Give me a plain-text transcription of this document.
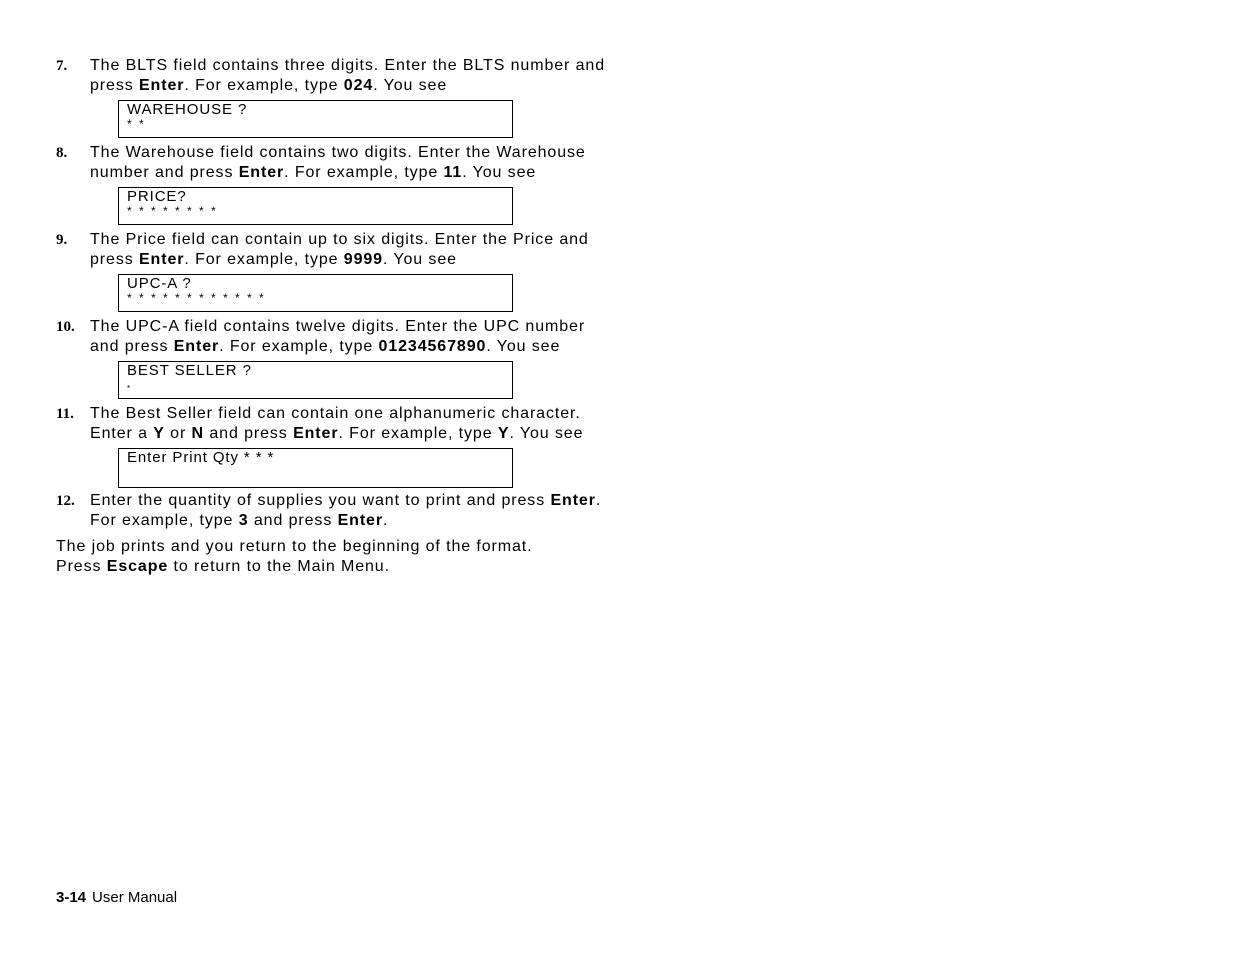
7. The BLTS field contains three digits. Enter the BLTS number and
press Enter. For example, type 024. You see
WAREHOUSE ?
* *
8. The Warehouse field contains two digits. Enter the Warehouse
number and press Enter. For example, type 11. You see
PRICE?
* * * * * * * *
9. The Price field can contain up to six digits. Enter the Price and
press Enter. For example, type 9999. You see
UPC-A ?
* * * * * * * * * * * *
10. The UPC-A field contains twelve digits. Enter the UPC number
and press Enter. For example, type 01234567890. You see
BEST SELLER ?
*
11. The Best Seller field can contain one alphanumeric character.
Enter a Y or N and press Enter. For example, type Y. You see
Enter Print Qty * * *
12. Enter the quantity of supplies you want to print and press Enter.
For example, type 3 and press Enter.
The job prints and you return to the beginning of the format.
Press Escape to return to the Main Menu.
3-14 User Manual
